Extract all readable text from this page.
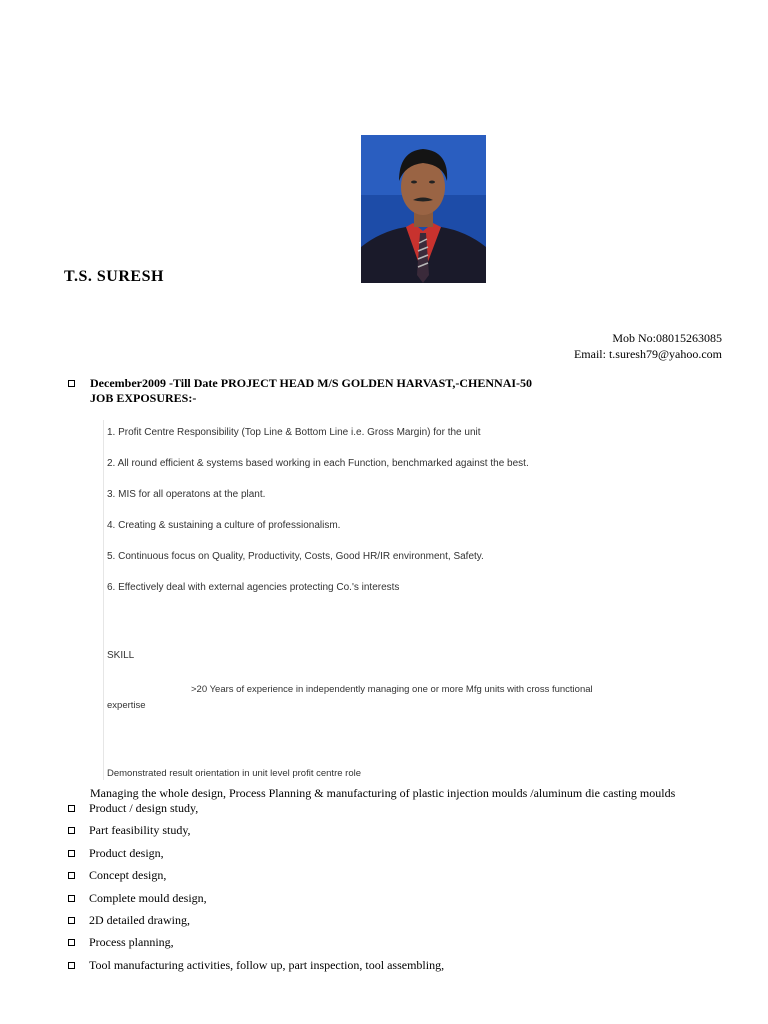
T.S. SURESH
Mob No:08015263085
Email: t.suresh79@yahoo.com
December2009 -Till Date PROJECT HEAD M/S GOLDEN HARVAST,-CHENNAI-50
JOB EXPOSURES:-
1. Profit Centre Responsibility (Top Line & Bottom Line i.e. Gross Margin) for the unit
2. All round efficient & systems based working in each Function, benchmarked against the best.
3. MIS for all operatons at the plant.
4. Creating & sustaining a culture of professionalism.
5. Continuous focus on Quality, Productivity, Costs, Good HR/IR environment, Safety.
6. Effectively deal with external agencies protecting Co.'s interests
SKILL
>20 Years of experience in independently managing one or more Mfg units with cross functional
expertise
Demonstrated result orientation in unit level profit centre role
Managing the whole design, Process Planning & manufacturing of plastic injection moulds /aluminum die casting moulds
Product / design study,
Part feasibility study,
Product design,
Concept design,
Complete mould design,
2D detailed drawing,
Process planning,
Tool manufacturing activities, follow up, part inspection, tool assembling,
